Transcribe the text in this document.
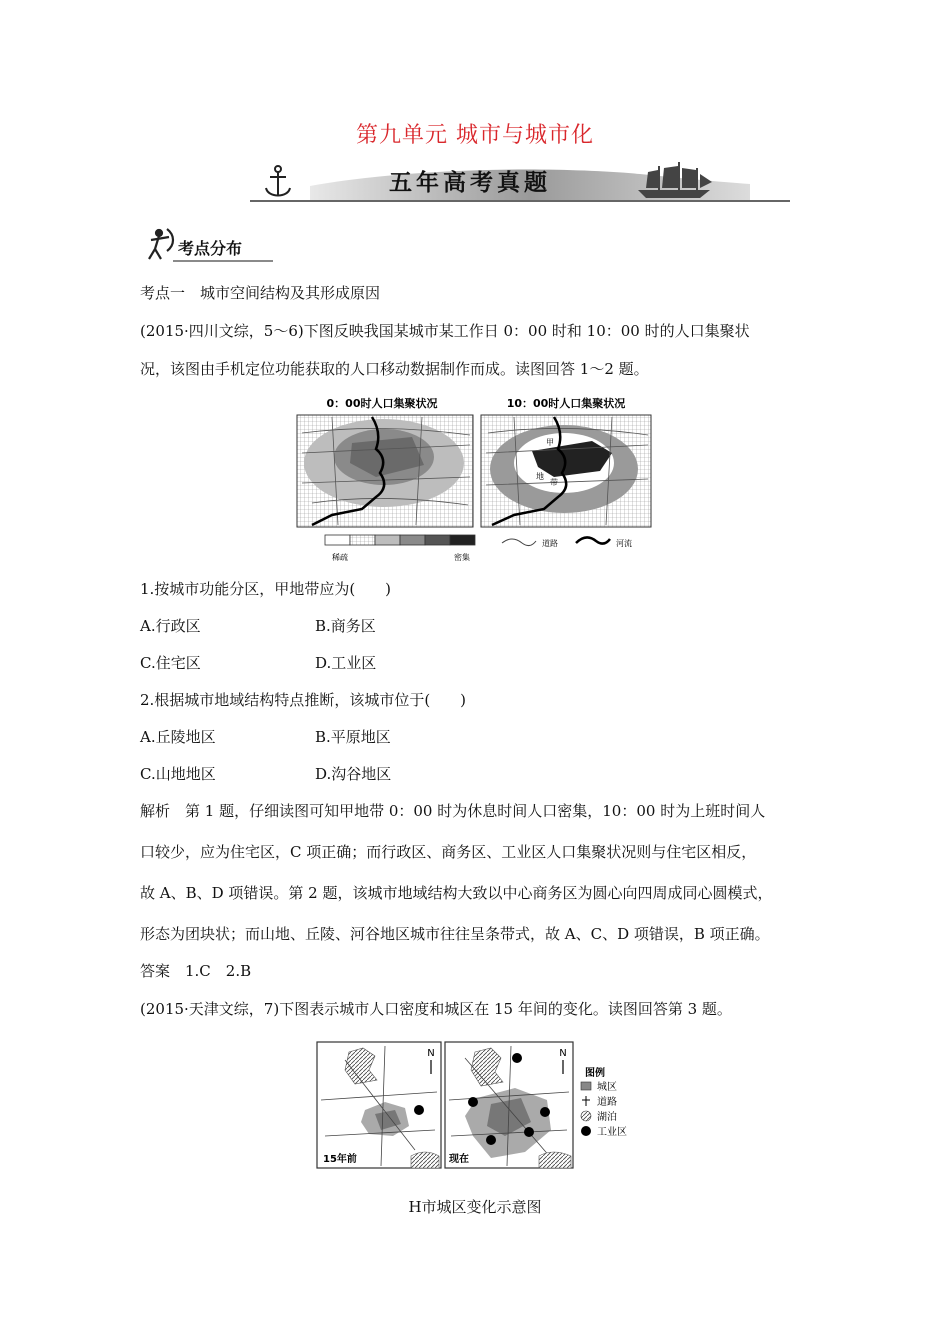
第九单元 城市与城市化
五年高考真题
考点分布
考点一　城市空间结构及其形成原因
(2015·四川文综，5～6)下图反映我国某城市某工作日 0：00 时和 10：00 时的人口集聚状
况，该图由手机定位功能获取的人口移动数据制作而成。读图回答 1～2 题。
0：00时人口集聚状况	10：00时人口集聚状况
甲
地
带
稀疏	密集
道路	河流
1.按城市功能分区，甲地带应为(　　)
A.行政区	B.商务区
C.住宅区	D.工业区
2.根据城市地域结构特点推断，该城市位于(　　)
A.丘陵地区	B.平原地区
C.山地地区	D.沟谷地区
解析　第 1 题，仔细读图可知甲地带 0：00 时为休息时间人口密集，10：00 时为上班时间人
口较少，应为住宅区，C 项正确；而行政区、商务区、工业区人口集聚状况则与住宅区相反，
故 A、B、D 项错误。第 2 题，该城市地域结构大致以中心商务区为圆心向四周成同心圆模式，
形态为团块状；而山地、丘陵、河谷地区城市往往呈条带式，故 A、C、D 项错误，B 项正确。
答案　1.C　2.B
(2015·天津文综，7)下图表示城市人口密度和城区在 15 年间的变化。读图回答第 3 题。
N
15年前
N
现在
图例
城区
道路
湖泊
工业区
H市城区变化示意图
